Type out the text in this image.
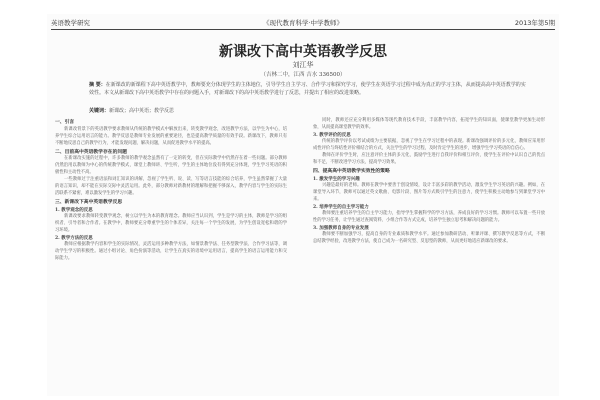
英语教学研究	《现代教育科学·中学教师》	2013年第5期
新课改下高中英语教学反思
刘江华
（吉林二中，江西 吉水 336500）
摘 要：在新课改的新课程下高中英语教学中，教师要充分体现学生的主体地位，引导学生自主学习、合作学习和探究学习，使学生在英语学习过程中成为真正的学习主体，从而提高高中英语教学的实效性。本文从新课改下高中英语教学中存在的问题入手，对新课改下的高中英语教学进行了反思，并提出了相应的改进策略。
关键词：新课改；高中英语；教学反思
一、引言
新课改背景下的英语教学要求教师从传统的教学模式中解放出来，转变教学观念，改进教学方法，以学生为中心，培养学生综合运用语言的能力。教学反思是教师专业发展的重要途径，也是提高教学质量的有效手段。新课改下，教师只有不断地反思自己的教学行为，才能发现问题、解决问题，从而促进教学水平的提高。
二、目前高中英语教学存在的问题
在新课改实施的过程中，许多教师的教学观念虽然有了一定的转变，但在实际教学中仍然存在着一些问题。部分教师仍然沿用以教师为中心的传统教学模式，课堂上教师讲、学生听，学生的主体地位没有得到充分体现，学生学习英语的积极性和主动性不高。
一些教师过于注重语法和词汇知识的讲解，忽视了学生听、说、读、写等语言技能的综合培养，学生虽然掌握了大量的语言知识，却不能在实际交际中灵活运用。此外，部分教师对新教材的理解和把握不够深入，教学内容与学生的实际生活联系不紧密，难以激发学生的学习兴趣。
三、新课改下高中英语教学反思
1. 教学观念的反思
新课改要求教师转变教学观念，树立以学生为本的教育理念。教师应当认识到，学生是学习的主体，教师是学习的组织者、引导者和合作者。在教学中，教师要充分尊重学生的个体差异，关注每一个学生的发展，为学生创设宽松和谐的学习环境。
2. 教学方法的反思
教师应根据教学内容和学生的实际情况，灵活运用多种教学方法，如情景教学法、任务型教学法、合作学习法等，调动学生学习的积极性。通过小组讨论、角色扮演等活动，让学生在真实的语境中运用语言，提高学生的语言运用能力和交际能力。
同时，教师还应充分利用多媒体等现代教育技术手段，丰富教学内容，拓宽学生的知识面，使课堂教学更加生动形象，从而提高课堂教学的效率。
3. 教学评价的反思
传统的教学评价以考试成绩为主要依据，忽视了学生在学习过程中的表现。新课改强调评价的多元化，教师应采用形成性评价与终结性评价相结合的方式，关注学生的学习过程，及时肯定学生的进步，增强学生学习英语的自信心。
教师在评价学生时，应注意评价主体的多元化，鼓励学生进行自我评价和相互评价，使学生在评价中认识自己的优点和不足，不断改进学习方法，提高学习效果。
四、提高高中英语教学实效性的策略
1. 激发学生的学习兴趣
兴趣是最好的老师。教师在教学中要善于创设情境，设计丰富多彩的教学活动，激发学生学习英语的兴趣。例如，在课堂导入环节，教师可以通过英文歌曲、电影片段、图片等方式吸引学生的注意力，使学生积极主动地参与到课堂学习中来。
2. 培养学生的自主学习能力
教师要注重培养学生的自主学习能力，指导学生掌握科学的学习方法，养成良好的学习习惯。教师可以布置一些开放性的学习任务，让学生通过查阅资料、小组合作等方式完成，培养学生独立思考和解决问题的能力。
3. 加强教师自身的专业发展
教师要不断加强学习，提高自身的专业素质和教学水平。通过参加教研活动、听课评课、撰写教学反思等方式，不断总结教学经验，改进教学方法，使自己成为一名研究型、反思型的教师，从而更好地适应新课改的要求。
